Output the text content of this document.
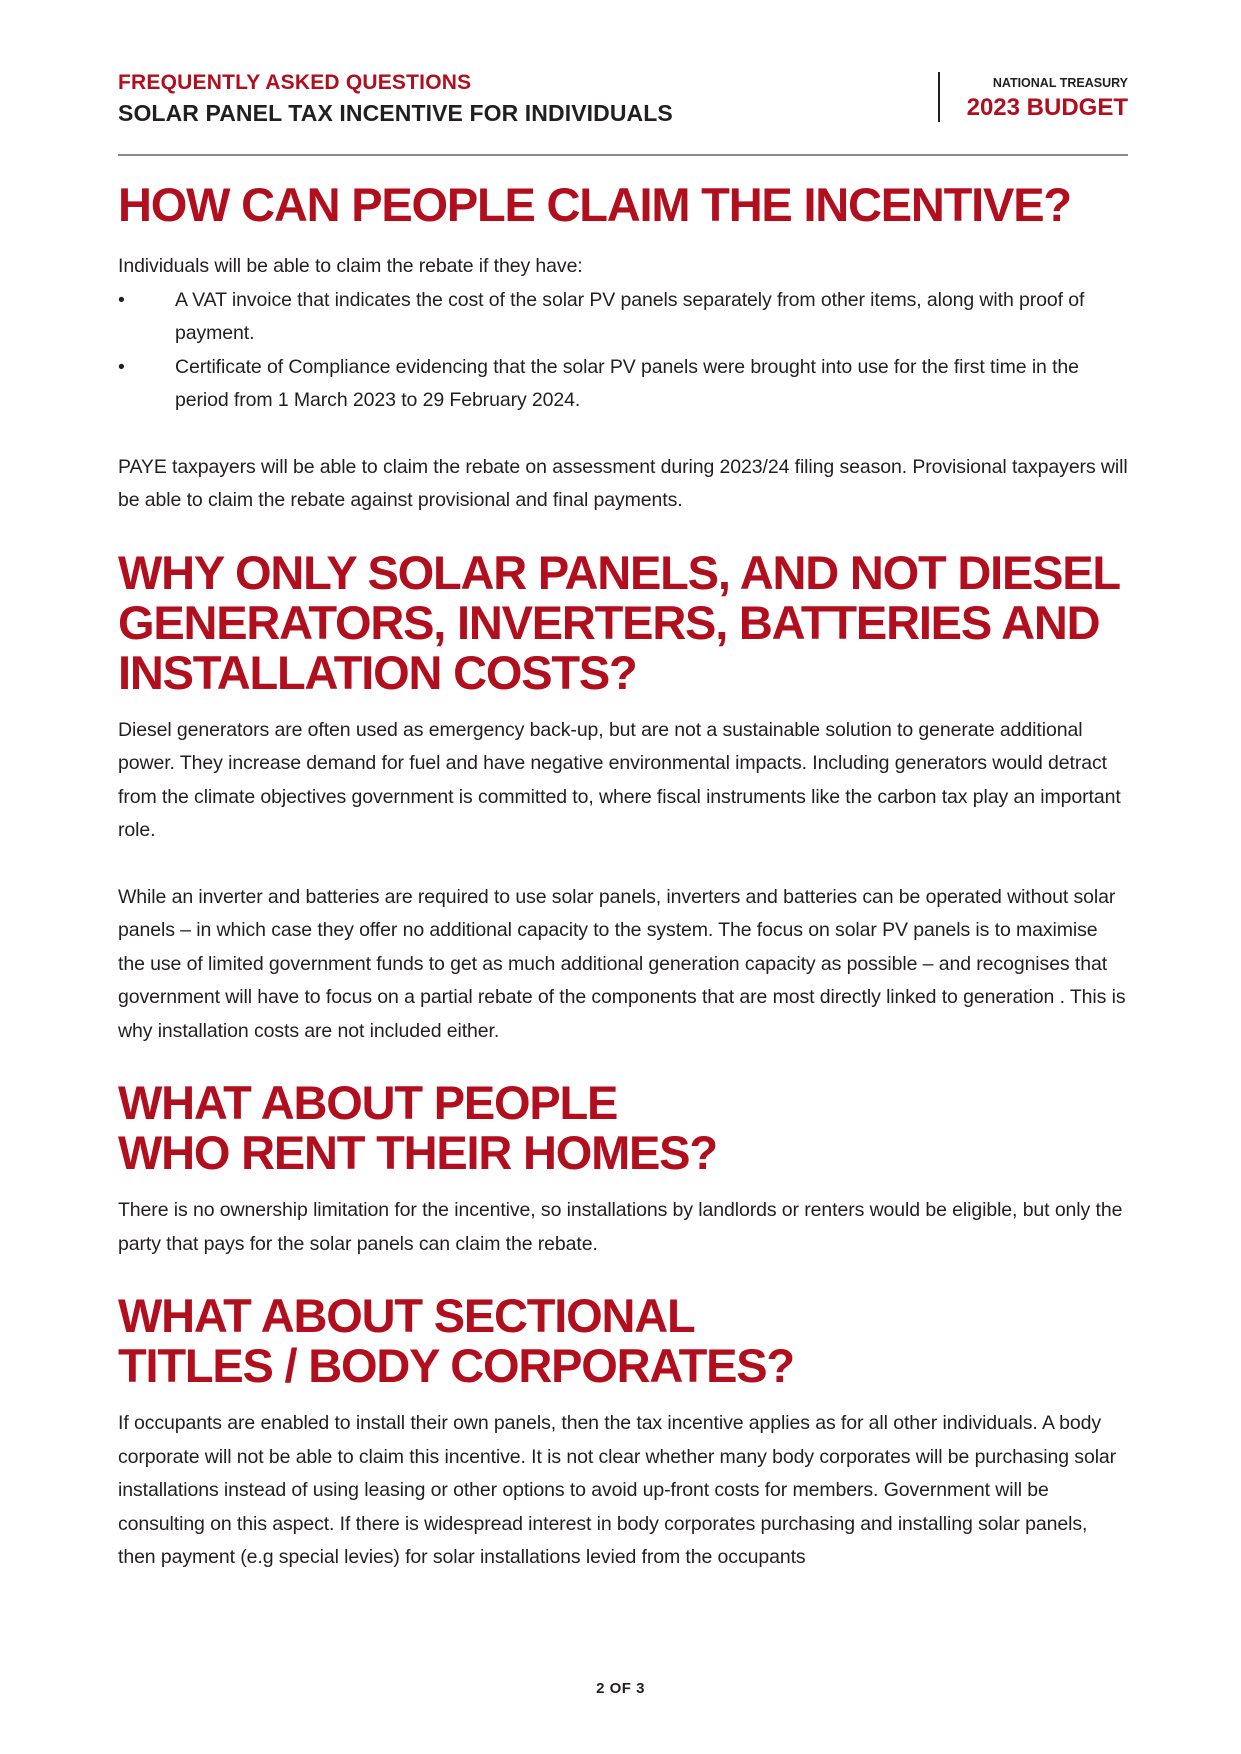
FREQUENTLY ASKED QUESTIONS
SOLAR PANEL TAX INCENTIVE FOR INDIVIDUALS
NATIONAL TREASURY
2023 BUDGET
HOW CAN PEOPLE CLAIM THE INCENTIVE?

Individuals will be able to claim the rebate if they have:

•	A VAT invoice that indicates the cost of the solar PV panels separately from other items, along with proof of payment.
•	Certificate of Compliance evidencing that the solar PV panels were brought into use for the first time in the period from 1 March 2023 to 29 February 2024.

PAYE taxpayers will be able to claim the rebate on assessment during 2023/24 filing season. Provisional taxpayers will be able to claim the rebate against provisional and final payments.

WHY ONLY SOLAR PANELS, AND NOT DIESEL
GENERATORS, INVERTERS, BATTERIES AND
INSTALLATION COSTS?

Diesel generators are often used as emergency back-up, but are not a sustainable solution to generate additional power. They increase demand for fuel and have negative environmental impacts. Including generators would detract from the climate objectives government is committed to, where fiscal instruments like the carbon tax play an important role.

While an inverter and batteries are required to use solar panels, inverters and batteries can be operated without solar panels – in which case they offer no additional capacity to the system. The focus on solar PV panels is to maximise the use of limited government funds to get as much additional generation capacity as possible – and recognises that government will have to focus on a partial rebate of the components that are most directly linked to generation . This is why installation costs are not included either.

WHAT ABOUT PEOPLE
WHO RENT THEIR HOMES?

There is no ownership limitation for the incentive, so installations by landlords or renters would be eligible, but only the party that pays for the solar panels can claim the rebate.

WHAT ABOUT SECTIONAL
TITLES / BODY CORPORATES?

If occupants are enabled to install their own panels, then the tax incentive applies as for all other individuals. A body corporate will not be able to claim this incentive. It is not clear whether many body corporates will be purchasing solar installations instead of using leasing or other options to avoid up-front costs for members. Government will be consulting on this aspect. If there is widespread interest in body corporates purchasing and installing solar panels, then payment (e.g special levies) for solar installations levied from the occupants

2 OF 3
